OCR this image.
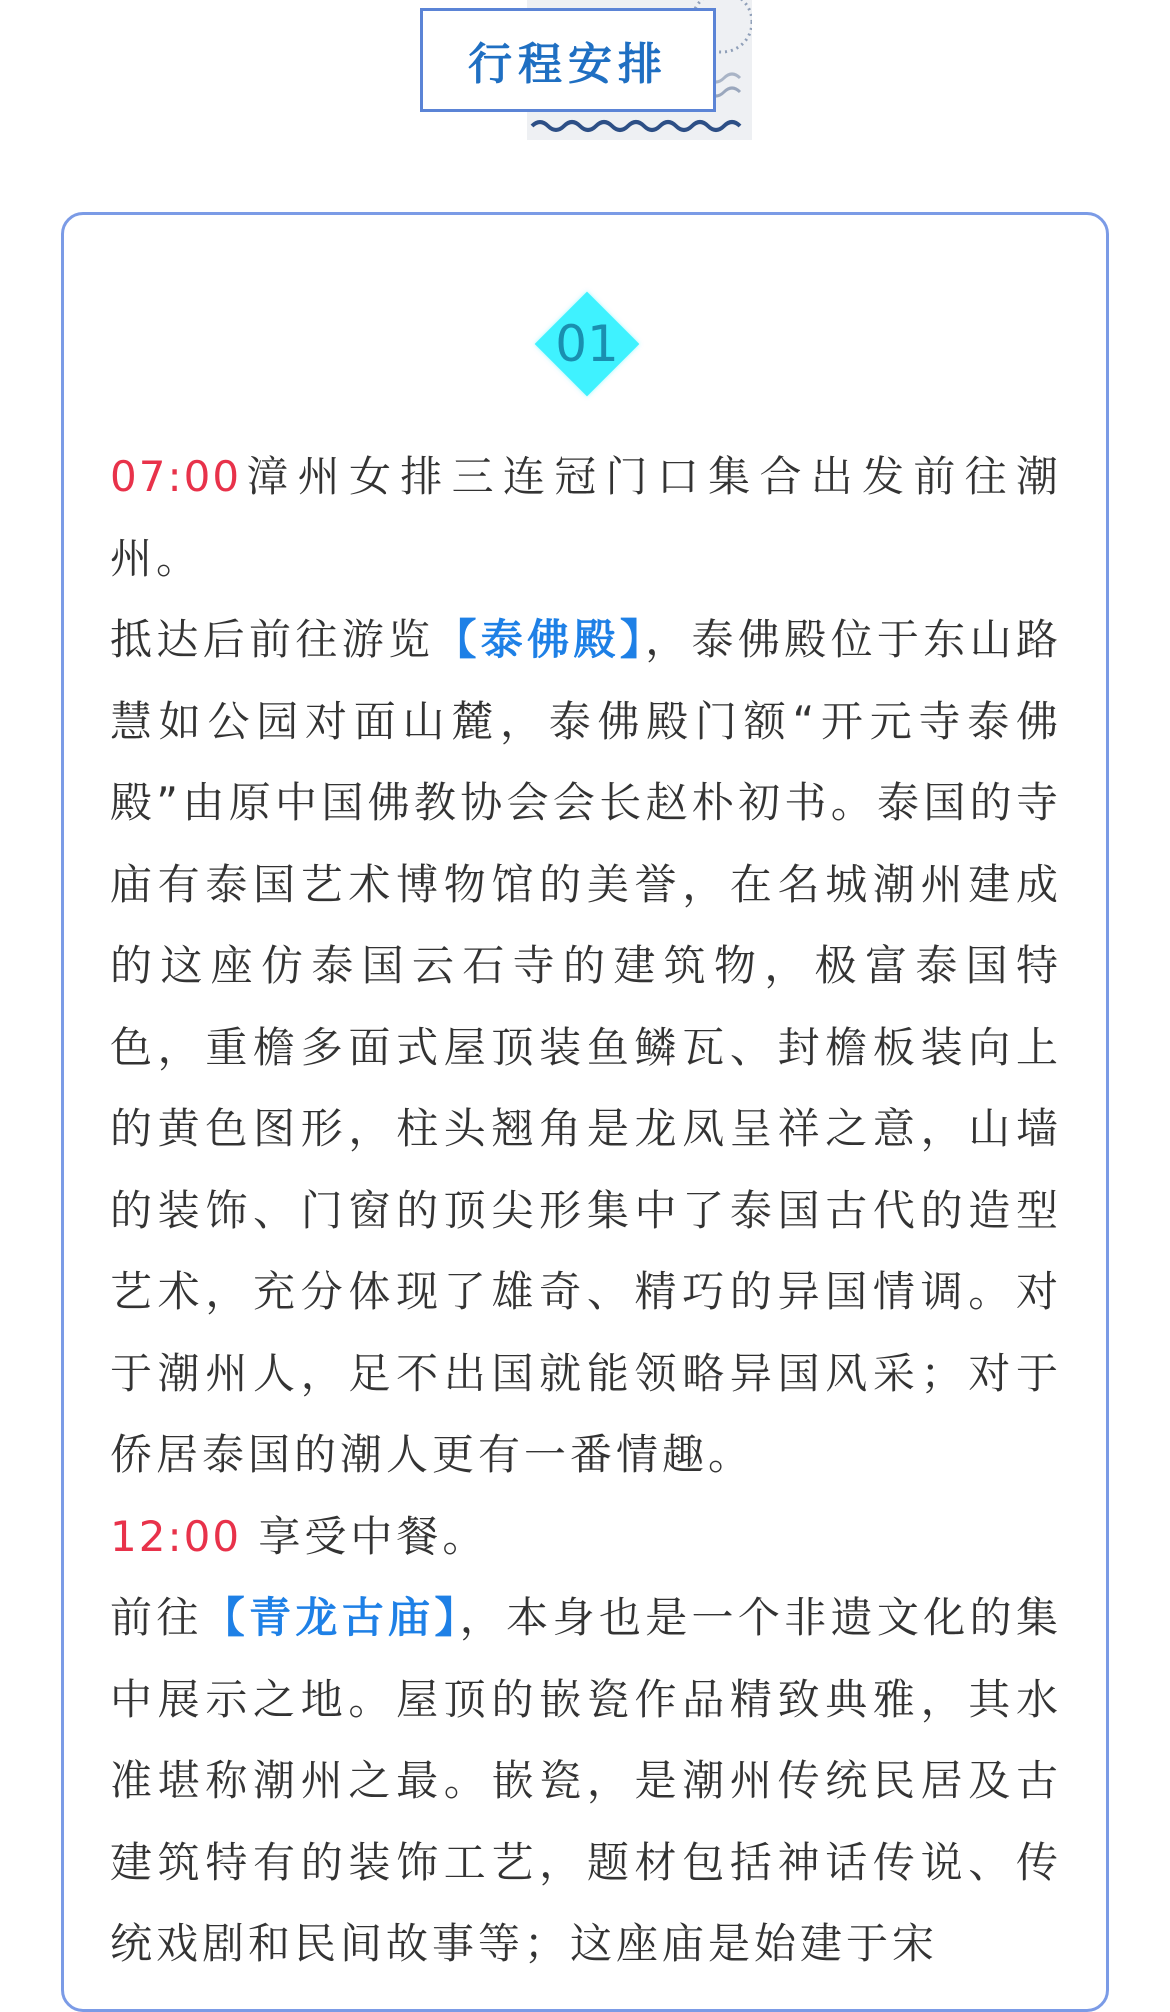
行程安排
01

07:00漳州女排三连冠门口集合出发前往潮州。

抵达后前往游览【泰佛殿】，泰佛殿位于东山路慧如公园对面山麓，泰佛殿门额“开元寺泰佛殿”由原中国佛教协会会长赵朴初书。泰国的寺庙有泰国艺术博物馆的美誉，在名城潮州建成的这座仿泰国云石寺的建筑物，极富泰国特色，重檐多面式屋顶装鱼鳞瓦、封檐板装向上的黄色图形，柱头翘角是龙凤呈祥之意，山墙的装饰、门窗的顶尖形集中了泰国古代的造型艺术，充分体现了雄奇、精巧的异国情调。对于潮州人，足不出国就能领略异国风采；对于侨居泰国的潮人更有一番情趣。

12:00 享受中餐。

前往【青龙古庙】，本身也是一个非遗文化的集中展示之地。屋顶的嵌瓷作品精致典雅，其水准堪称潮州之最。嵌瓷，是潮州传统民居及古建筑特有的装饰工艺，题材包括神话传说、传统戏剧和民间故事等；这座庙是始建于宋
